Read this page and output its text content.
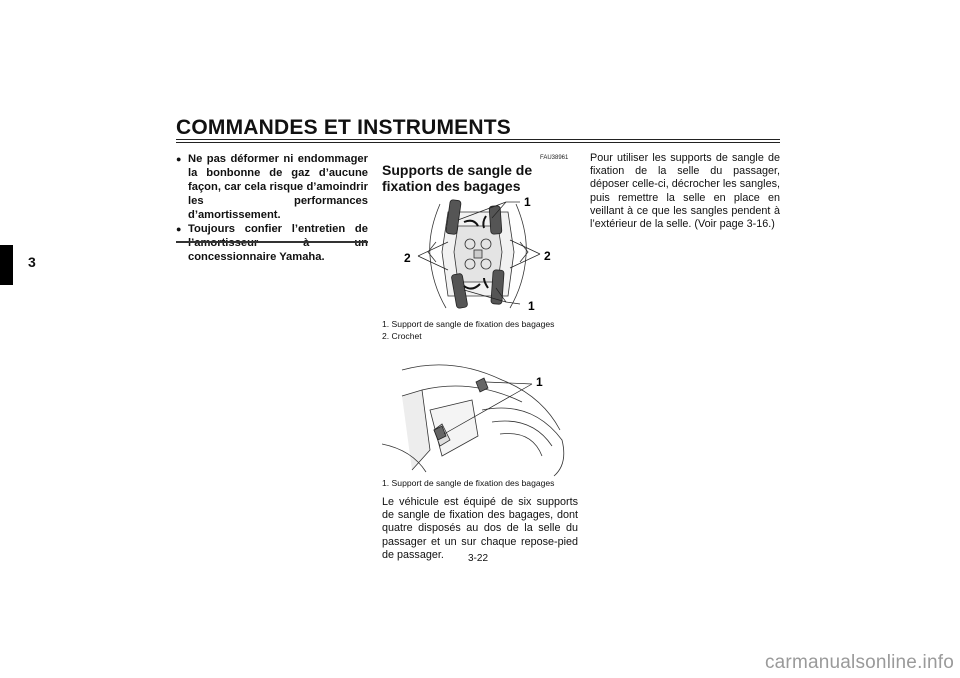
COMMANDES ET INSTRUMENTS
3
● Ne pas déformer ni endommager la bonbonne de gaz d’aucune façon, car cela risque d’amoindrir les performances d’amortissement.
● Toujours confier l’entretien de l’amortisseur à un concessionnaire Yamaha.
FAU38961
Supports de sangle de fixation des bagages
1
2	2
1
1. Support de sangle de fixation des bagages
2. Crochet
1
1. Support de sangle de fixation des bagages
Le véhicule est équipé de six supports de sangle de fixation des bagages, dont quatre disposés au dos de la selle du passager et un sur chaque repose-pied de passager.
Pour utiliser les supports de sangle de fixation de la selle du passager, déposer celle-ci, décrocher les sangles, puis remettre la selle en place en veillant à ce que les sangles pendent à l’extérieur de la selle. (Voir page 3-16.)
3-22
carmanualsonline.info
